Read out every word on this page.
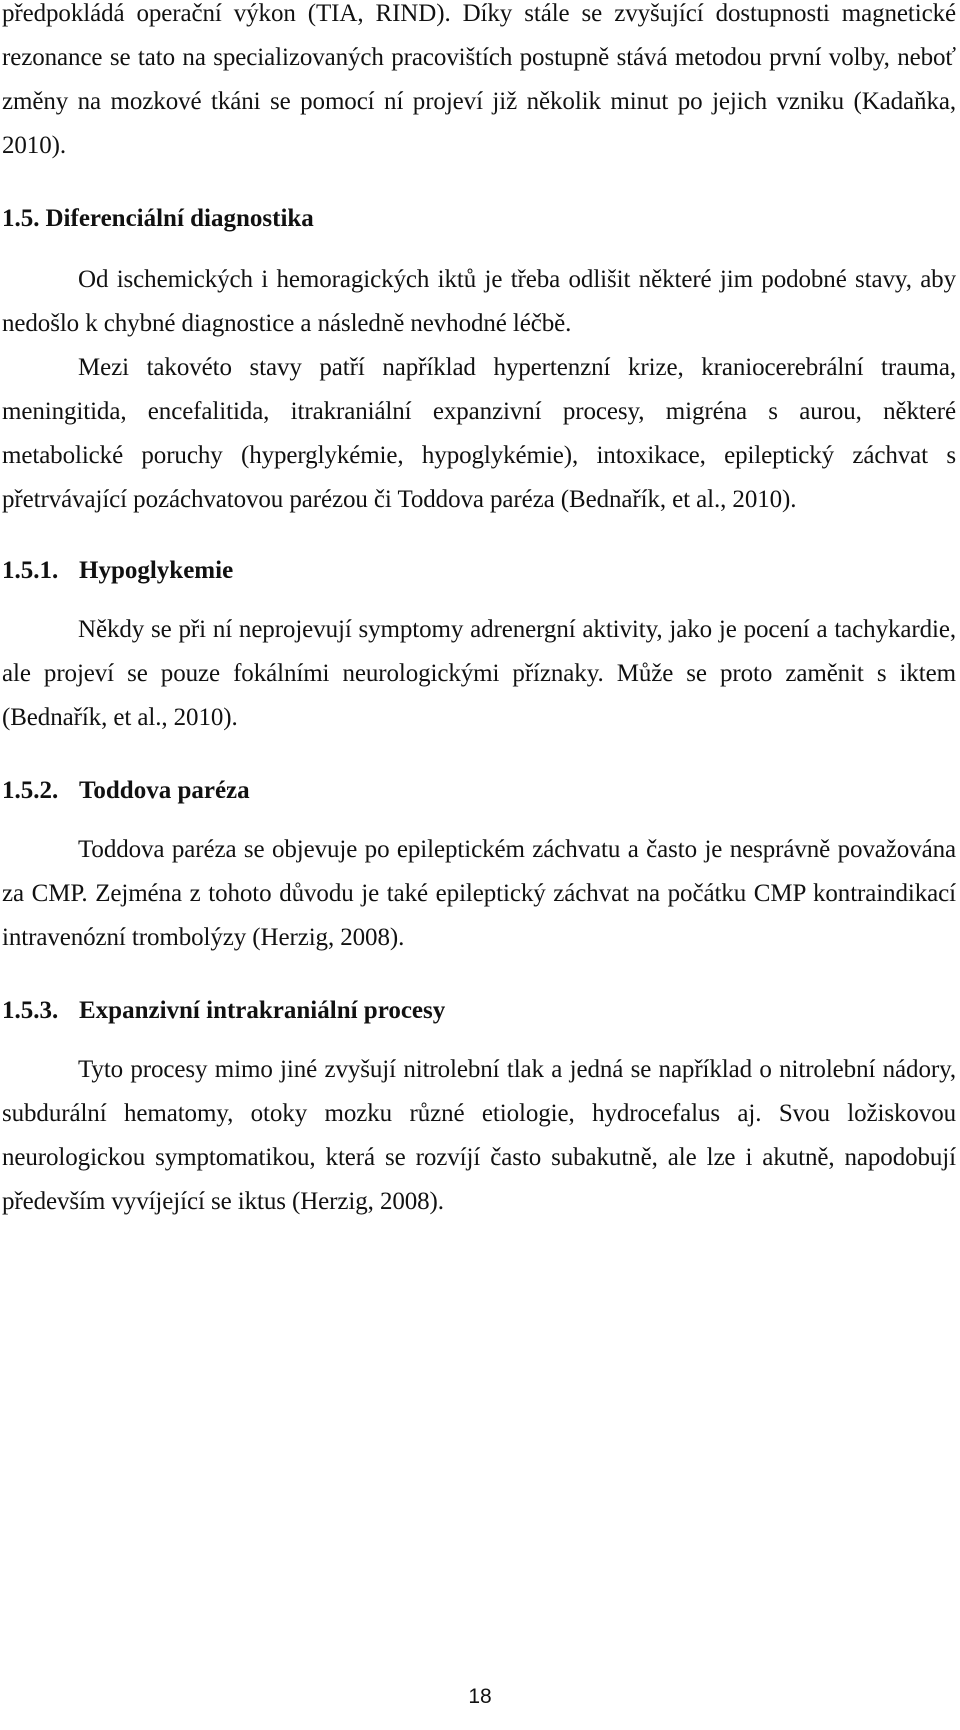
předpokládá operační výkon (TIA, RIND). Díky stále se zvyšující dostupnosti magnetické rezonance se tato na specializovaných pracovištích postupně stává metodou první volby, neboť změny na mozkové tkáni se pomocí ní projeví již několik minut po jejich vzniku (Kadaňka, 2010).

1.5. Diferenciální diagnostika

Od ischemických i hemoragických iktů je třeba odlišit některé jim podobné stavy, aby nedošlo k chybné diagnostice a následně nevhodné léčbě.

Mezi takovéto stavy patří například hypertenzní krize, kraniocerebrální trauma, meningitida, encefalitida, itrakraniální expanzivní procesy, migréna s aurou, některé metabolické poruchy (hyperglykémie, hypoglykémie), intoxikace, epileptický záchvat s přetrvávající pozáchvatovou parézou či Toddova paréza (Bednařík, et al., 2010).

1.5.1. Hypoglykemie

Někdy se při ní neprojevují symptomy adrenergní aktivity, jako je pocení a tachykardie, ale projeví se pouze fokálními neurologickými příznaky. Může se proto zaměnit s iktem (Bednařík, et al., 2010).

1.5.2. Toddova paréza

Toddova paréza se objevuje po epileptickém záchvatu a často je nesprávně považována za CMP. Zejména z tohoto důvodu je také epileptický záchvat na počátku CMP kontraindikací intravenózní trombolýzy (Herzig, 2008).

1.5.3. Expanzivní intrakraniální procesy

Tyto procesy mimo jiné zvyšují nitrolební tlak a jedná se například o nitrolební nádory, subdurální hematomy, otoky mozku různé etiologie, hydrocefalus aj. Svou ložiskovou neurologickou symptomatikou, která se rozvíjí často subakutně, ale lze i akutně, napodobují především vyvíjející se iktus (Herzig, 2008).

18
